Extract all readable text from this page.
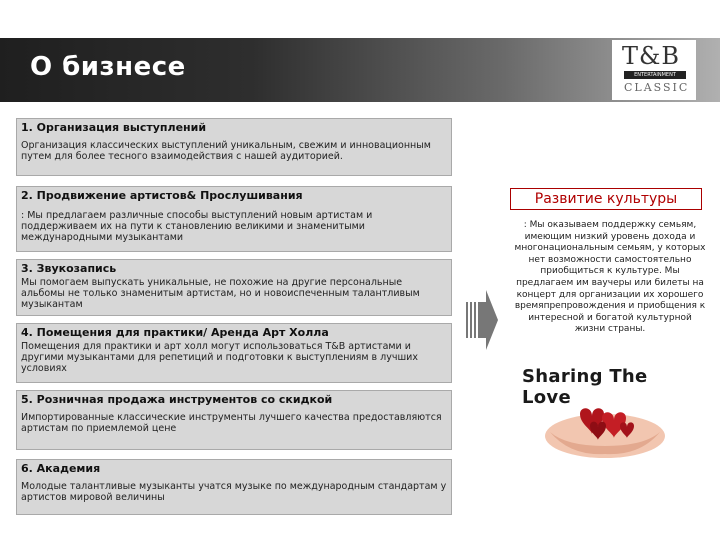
О бизнесе	T&B
ENTERTAINMENT
CLASSIC
1. Организация выступлений
Организация классических выступлений уникальным, свежим и инновационным путем для более тесного взаимодействия с нашей аудиторией.
2. Продвижение артистов& Прослушивания
: Мы предлагаем различные способы выступлений новым артистам и поддерживаем их на пути к становлению великими и знаменитыми международными музыкантами
3. Звукозапись
Мы помогаем выпускать уникальные, не похожие на другие персональные альбомы не только знаменитым артистам, но и новоиспеченным талантливым музыкантам
4. Помещения для практики/ Аренда Арт Холла
Помещения для практики и арт холл могут использоваться T&B артистами и другими музыкантами для репетиций и подготовки к выступлениям в лучших условиях
5. Розничная продажа инструментов со скидкой
Импортированные классические инструменты лучшего качества предоставляются артистам по приемлемой цене
6. Академия
Молодые талантливые музыканты учатся музыке по международным стандартам у артистов мировой величины
Развитие культуры
: Мы оказываем поддержку семьям, имеющим низкий уровень дохода и многонациональным семьям, у которых нет возможности самостоятельно приобщиться к культуре. Мы предлагаем им ваучеры или билеты на концерт для организации их хорошего времяпрепровождения и приобщения к интересной и богатой культурной жизни страны.
Sharing The Love
